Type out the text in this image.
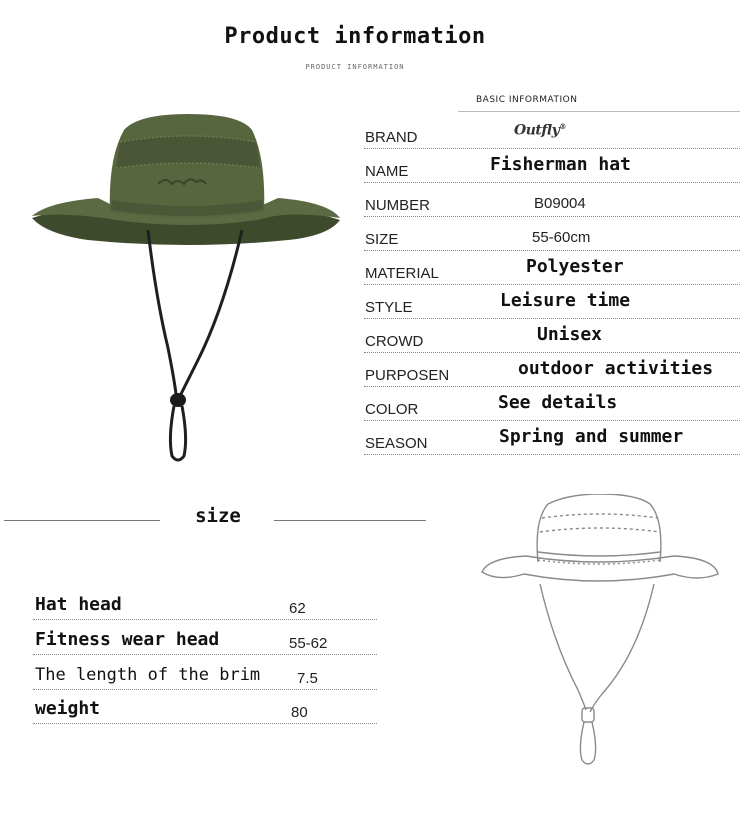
Product information
PRODUCT INFORMATION
BASIC INFORMATION
BRAND	Outfly®
NAME	Fisherman hat
NUMBER	B09004
SIZE	55-60cm
MATERIAL	Polyester
STYLE	Leisure time
CROWD	Unisex
PURPOSEN	outdoor activities
COLOR	See details
SEASON	Spring and summer
size
Hat head	62
Fitness wear head	55-62
The length of the brim 7.5
weight	80
